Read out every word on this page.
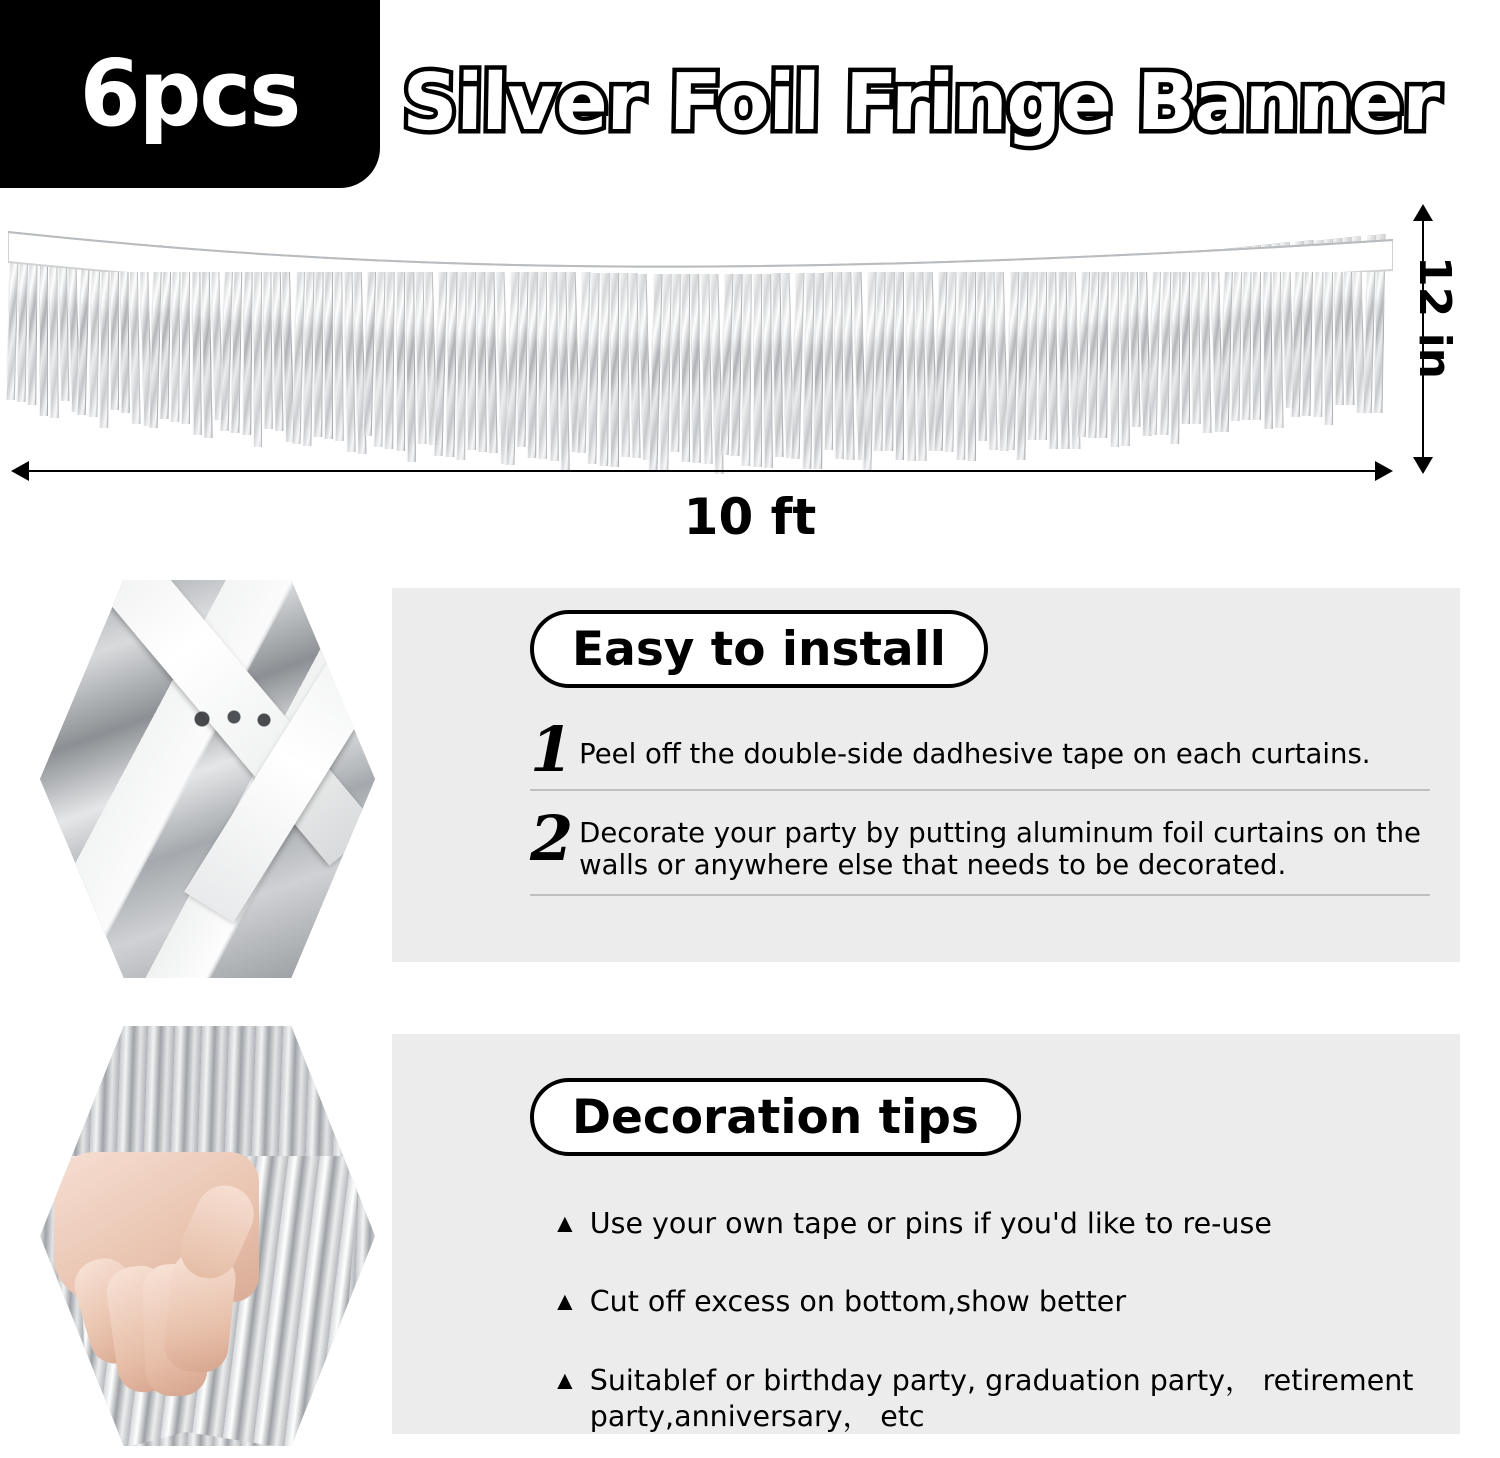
6pcs Silver Foil Fringe Banner
12 in
10 ft
Easy to install
1 Peel off the double-side dadhesive tape on each curtains.
2 Decorate your party by putting aluminum foil curtains on the walls or anywhere else that needs to be decorated.
Decoration tips
▲ Use your own tape or pins if you'd like to re-use
▲ Cut off excess on bottom,show better
▲ Suitablef or birthday party, graduation party， retirement party,anniversary， etc
